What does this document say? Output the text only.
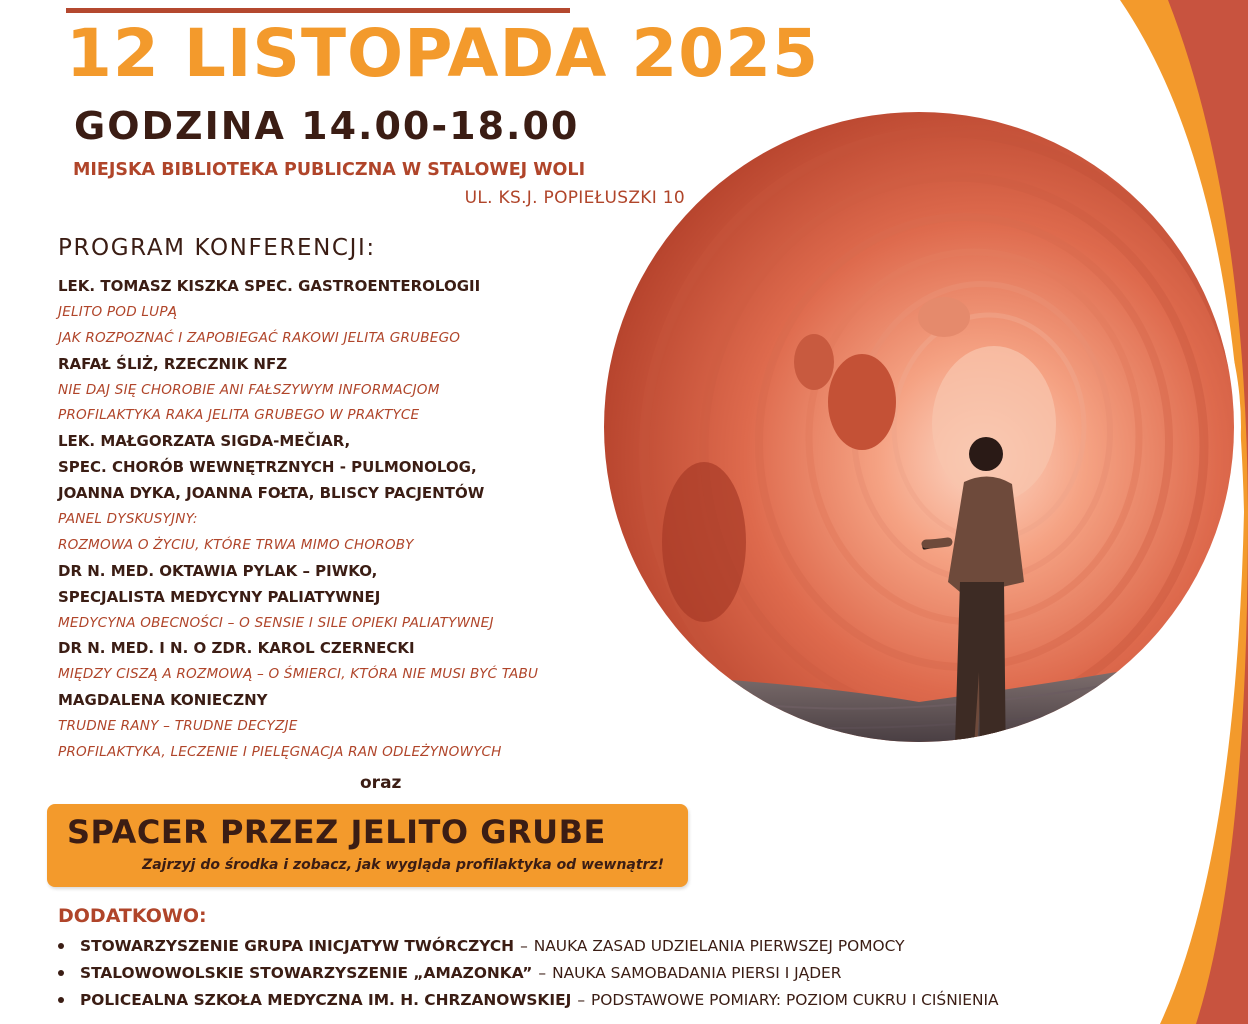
12 LISTOPADA 2025
GODZINA 14.00-18.00

MIEJSKA BIBLIOTEKA PUBLICZNA W STALOWEJ WOLI

UL. KS.J. POPIEŁUSZKI 10

PROGRAM KONFERENCJI:
LEK. TOMASZ KISZKA SPEC. GASTROENTEROLOGII
JELITO POD LUPĄ
JAK ROZPOZNAĆ I ZAPOBIEGAĆ RAKOWI JELITA GRUBEGO
RAFAŁ ŚLIŻ, RZECZNIK NFZ
NIE DAJ SIĘ CHOROBIE ANI FAŁSZYWYM INFORMACJOM
PROFILAKTYKA RAKA JELITA GRUBEGO W PRAKTYCE
LEK. MAŁGORZATA SIGDA-MEČIAR,
SPEC. CHORÓB WEWNĘTRZNYCH - PULMONOLOG,
JOANNA DYKA, JOANNA FOŁTA, BLISCY PACJENTÓW
PANEL DYSKUSYJNY:
ROZMOWA O ŻYCIU, KTÓRE TRWA MIMO CHOROBY
DR N. MED. OKTAWIA PYLAK – PIWKO,
SPECJALISTA MEDYCYNY PALIATYWNEJ
MEDYCYNA OBECNOŚCI – O SENSIE I SILE OPIEKI PALIATYWNEJ
DR N. MED. I N. O ZDR. KAROL CZERNECKI
MIĘDZY CISZĄ A ROZMOWĄ – O ŚMIERCI, KTÓRA NIE MUSI BYĆ TABU
MAGDALENA KONIECZNY
TRUDNE RANY – TRUDNE DECYZJE
PROFILAKTYKA, LECZENIE I PIELĘGNACJA RAN ODLEŻYNOWYCH

oraz

SPACER PRZEZ JELITO GRUBE

Zajrzyj do środka i zobacz, jak wygląda profilaktyka od wewnątrz!

DODATKOWO:
STOWARZYSZENIE GRUPA INICJATYW TWÓRCZYCH – NAUKA ZASAD UDZIELANIA PIERWSZEJ POMOCY
STALOWOWOLSKIE STOWARZYSZENIE „AMAZONKA” – NAUKA SAMOBADANIA PIERSI I JĄDER
POLICEALNA SZKOŁA MEDYCZNA IM. H. CHRZANOWSKIEJ – PODSTAWOWE POMIARY: POZIOM CUKRU I CIŚNIENIA
